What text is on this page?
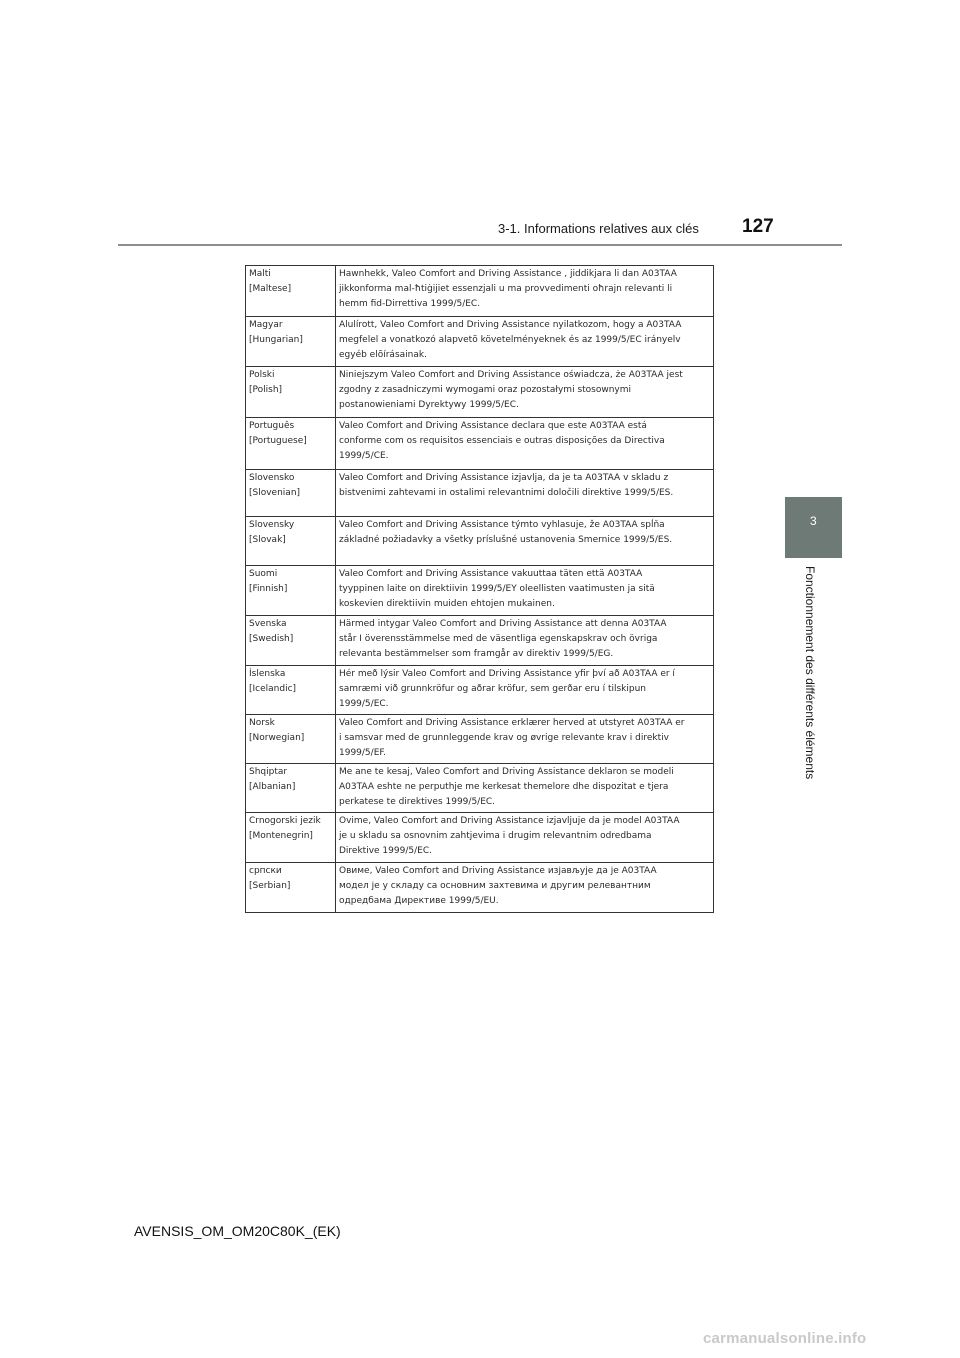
3-1. Informations relatives aux clés 127
3
Fonctionnement des différents éléments
Malti
[Maltese]	Hawnhekk, Valeo Comfort and Driving Assistance , jiddikjara li dan A03TAA
jikkonforma mal-ħtiġijiet essenzjali u ma provvedimenti oħrajn relevanti li
hemm fid-Dirrettiva 1999/5/EC.

Magyar
[Hungarian]	Alulírott, Valeo Comfort and Driving Assistance nyilatkozom, hogy a A03TAA
megfelel a vonatkozó alapvetõ követelményeknek és az 1999/5/EC irányelv
egyéb elõírásainak.

Polski
[Polish]	Niniejszym Valeo Comfort and Driving Assistance oświadcza, że A03TAA jest
zgodny z zasadniczymi wymogami oraz pozostałymi stosownymi
postanowieniami Dyrektywy 1999/5/EC.

Português
[Portuguese]	Valeo Comfort and Driving Assistance declara que este A03TAA está
conforme com os requisitos essenciais e outras disposições da Directiva
1999/5/CE.

Slovensko
[Slovenian]	Valeo Comfort and Driving Assistance izjavlja, da je ta A03TAA v skladu z
bistvenimi zahtevami in ostalimi relevantnimi določili direktive 1999/5/ES.

Slovensky
[Slovak]	Valeo Comfort and Driving Assistance týmto vyhlasuje, že A03TAA spĺňa
základné požiadavky a všetky príslušné ustanovenia Smernice 1999/5/ES.

Suomi
[Finnish]	Valeo Comfort and Driving Assistance vakuuttaa täten että A03TAA
tyyppinen laite on direktiivin 1999/5/EY oleellisten vaatimusten ja sitä
koskevien direktiivin muiden ehtojen mukainen.

Svenska
[Swedish]	Härmed intygar Valeo Comfort and Driving Assistance att denna A03TAA
står I överensstämmelse med de väsentliga egenskapskrav och övriga
relevanta bestämmelser som framgår av direktiv 1999/5/EG.

Íslenska
[Icelandic]	Hér með lýsir Valeo Comfort and Driving Assistance yfir því að A03TAA er í
samræmi við grunnkröfur og aðrar kröfur, sem gerðar eru í tilskipun
1999/5/EC.

Norsk
[Norwegian]	Valeo Comfort and Driving Assistance erklærer herved at utstyret A03TAA er
i samsvar med de grunnleggende krav og øvrige relevante krav i direktiv
1999/5/EF.

Shqiptar
[Albanian]	Me ane te kesaj, Valeo Comfort and Driving Assistance deklaron se modeli
A03TAA eshte ne perputhje me kerkesat themelore dhe dispozitat e tjera
perkatese te direktives 1999/5/EC.

Crnogorski jezik
[Montenegrin]	Ovime, Valeo Comfort and Driving Assistance izjavljuje da je model A03TAA
je u skladu sa osnovnim zahtjevima i drugim relevantnim odredbama
Direktive 1999/5/EC.

српски
[Serbian]	Овиме, Valeo Comfort and Driving Assistance изјављује да је A03TAA
модел је у складу са основним захтевима и другим релевантним
одредбама Директиве 1999/5/EU.
AVENSIS_OM_OM20C80K_(EK)
carmanualsonline.info
